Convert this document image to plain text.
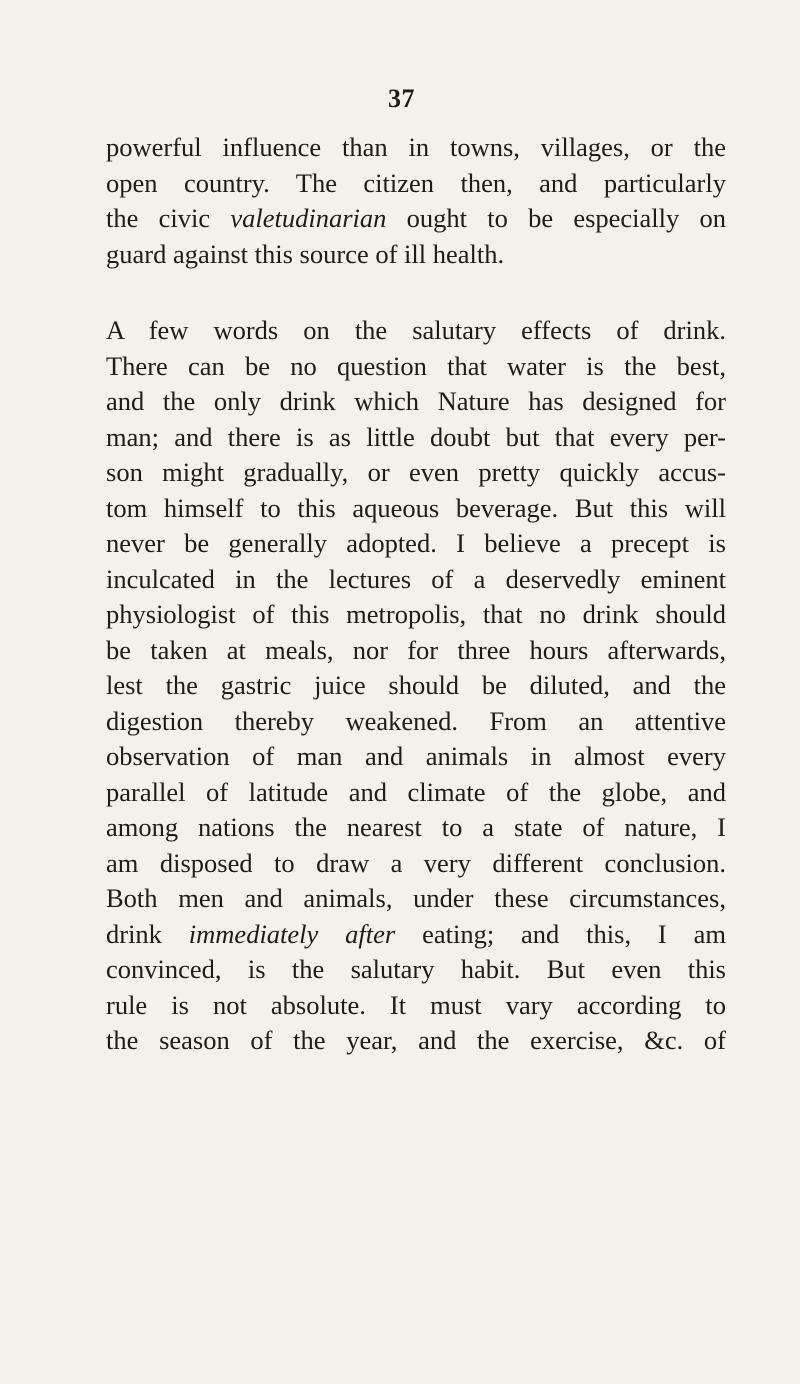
37
powerful influence than in towns, villages, or the
open country. The citizen then, and particularly
the civic valetudinarian ought to be especially on
guard against this source of ill health.
A few words on the salutary effects of drink.
There can be no question that water is the best,
and the only drink which Nature has designed for
man; and there is as little doubt but that every per-
son might gradually, or even pretty quickly accus-
tom himself to this aqueous beverage. But this will
never be generally adopted. I believe a precept is
inculcated in the lectures of a deservedly eminent
physiologist of this metropolis, that no drink should
be taken at meals, nor for three hours afterwards,
lest the gastric juice should be diluted, and the
digestion thereby weakened. From an attentive
observation of man and animals in almost every
parallel of latitude and climate of the globe, and
among nations the nearest to a state of nature, I
am disposed to draw a very different conclusion.
Both men and animals, under these circumstances,
drink immediately after eating; and this, I am
convinced, is the salutary habit. But even this
rule is not absolute. It must vary according to
the season of the year, and the exercise, &c. of
